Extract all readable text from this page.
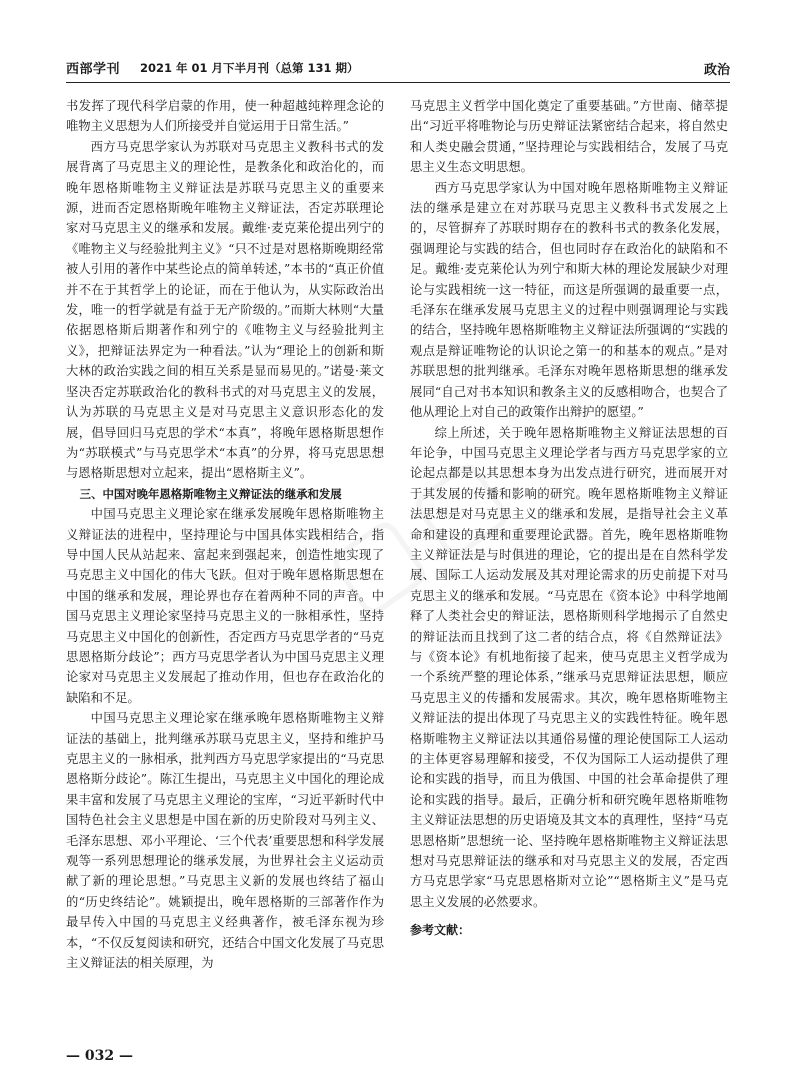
西部学刊 2021 年 01 月下半月刊（总第 131 期）	政治

书发挥了现代科学启蒙的作用，使一种超越纯粹理念论的唯物主义思想为人们所接受并自觉运用于日常生活。”

西方马克思学家认为苏联对马克思主义教科书式的发展背离了马克思主义的理论性，是教条化和政治化的，而晚年恩格斯唯物主义辩证法是苏联马克思主义的重要来源，进而否定恩格斯晚年唯物主义辩证法，否定苏联理论家对马克思主义的继承和发展。戴维·麦克莱伦提出列宁的《唯物主义与经验批判主义》“只不过是对恩格斯晚期经常被人引用的著作中某些论点的简单转述，”本书的“真正价值并不在于其哲学上的论证，而在于他认为，从实际政治出发，唯一的哲学就是有益于无产阶级的。”而斯大林则“大量依据恩格斯后期著作和列宁的《唯物主义与经验批判主义》，把辩证法界定为一种看法。”认为“理论上的创新和斯大林的政治实践之间的相互关系是显而易见的。”诺曼·莱文坚决否定苏联政治化的教科书式的对马克思主义的发展，认为苏联的马克思主义是对马克思主义意识形态化的发展，倡导回归马克思的学术“本真”，将晚年恩格斯思想作为“苏联模式”与马克思学术“本真”的分界，将马克思思想与恩格斯思想对立起来，提出“恩格斯主义”。

三、中国对晚年恩格斯唯物主义辩证法的继承和发展

中国马克思主义理论家在继承发展晚年恩格斯唯物主义辩证法的进程中，坚持理论与中国具体实践相结合，指导中国人民从站起来、富起来到强起来，创造性地实现了马克思主义中国化的伟大飞跃。但对于晚年恩格斯思想在中国的继承和发展，理论界也存在着两种不同的声音。中国马克思主义理论家坚持马克思主义的一脉相承性，坚持马克思主义中国化的创新性，否定西方马克思学者的“马克思恩格斯分歧论”；西方马克思学者认为中国马克思主义理论家对马克思主义发展起了推动作用，但也存在政治化的缺陷和不足。

中国马克思主义理论家在继承晚年恩格斯唯物主义辩证法的基础上，批判继承苏联马克思主义，坚持和维护马克思主义的一脉相承，批判西方马克思学家提出的“马克思恩格斯分歧论”。陈江生提出，马克思主义中国化的理论成果丰富和发展了马克思主义理论的宝库，“习近平新时代中国特色社会主义思想是中国在新的历史阶段对马列主义、毛泽东思想、邓小平理论、‘三个代表’重要思想和科学发展观等一系列思想理论的继承发展，为世界社会主义运动贡献了新的理论思想。”马克思主义新的发展也终结了福山的“历史终结论”。姚颖提出，晚年恩格斯的三部著作作为最早传入中国的马克思主义经典著作，被毛泽东视为珍本，“不仅反复阅读和研究，还结合中国文化发展了马克思主义辩证法的相关原理，为

马克思主义哲学中国化奠定了重要基础。”方世南、储萃提出“习近平将唯物论与历史辩证法紧密结合起来，将自然史和人类史融会贯通，”坚持理论与实践相结合，发展了马克思主义生态文明思想。

西方马克思学家认为中国对晚年恩格斯唯物主义辩证法的继承是建立在对苏联马克思主义教科书式发展之上的，尽管摒弃了苏联时期存在的教科书式的教条化发展，强调理论与实践的结合，但也同时存在政治化的缺陷和不足。戴维·麦克莱伦认为列宁和斯大林的理论发展缺少对理论与实践相统一这一特征，而这是所强调的最重要一点，毛泽东在继承发展马克思主义的过程中则强调理论与实践的结合，坚持晚年恩格斯唯物主义辩证法所强调的“实践的观点是辩证唯物论的认识论之第一的和基本的观点。”是对苏联思想的批判继承。毛泽东对晚年恩格斯思想的继承发展同“自己对书本知识和教条主义的反感相吻合，也契合了他从理论上对自己的政策作出辩护的愿望。”

综上所述，关于晚年恩格斯唯物主义辩证法思想的百年论争，中国马克思主义理论学者与西方马克思学家的立论起点都是以其思想本身为出发点进行研究，进而展开对于其发展的传播和影响的研究。晚年恩格斯唯物主义辩证法思想是对马克思主义的继承和发展，是指导社会主义革命和建设的真理和重要理论武器。首先，晚年恩格斯唯物主义辩证法是与时俱进的理论，它的提出是在自然科学发展、国际工人运动发展及其对理论需求的历史前提下对马克思主义的继承和发展。“马克思在《资本论》中科学地阐释了人类社会史的辩证法，恩格斯则科学地揭示了自然史的辩证法而且找到了这二者的结合点，将《自然辩证法》与《资本论》有机地衔接了起来，使马克思主义哲学成为一个系统严整的理论体系，”继承马克思辩证法思想，顺应马克思主义的传播和发展需求。其次，晚年恩格斯唯物主义辩证法的提出体现了马克思主义的实践性特征。晚年恩格斯唯物主义辩证法以其通俗易懂的理论使国际工人运动的主体更容易理解和接受，不仅为国际工人运动提供了理论和实践的指导，而且为俄国、中国的社会革命提供了理论和实践的指导。最后，正确分析和研究晚年恩格斯唯物主义辩证法思想的历史语境及其文本的真理性，坚持“马克思恩格斯”思想统一论、坚持晚年恩格斯唯物主义辩证法思想对马克思辩证法的继承和对马克思主义的发展，否定西方马克思学家“马克思恩格斯对立论”“恩格斯主义”是马克思主义发展的必然要求。

参考文献：
— 032 —
